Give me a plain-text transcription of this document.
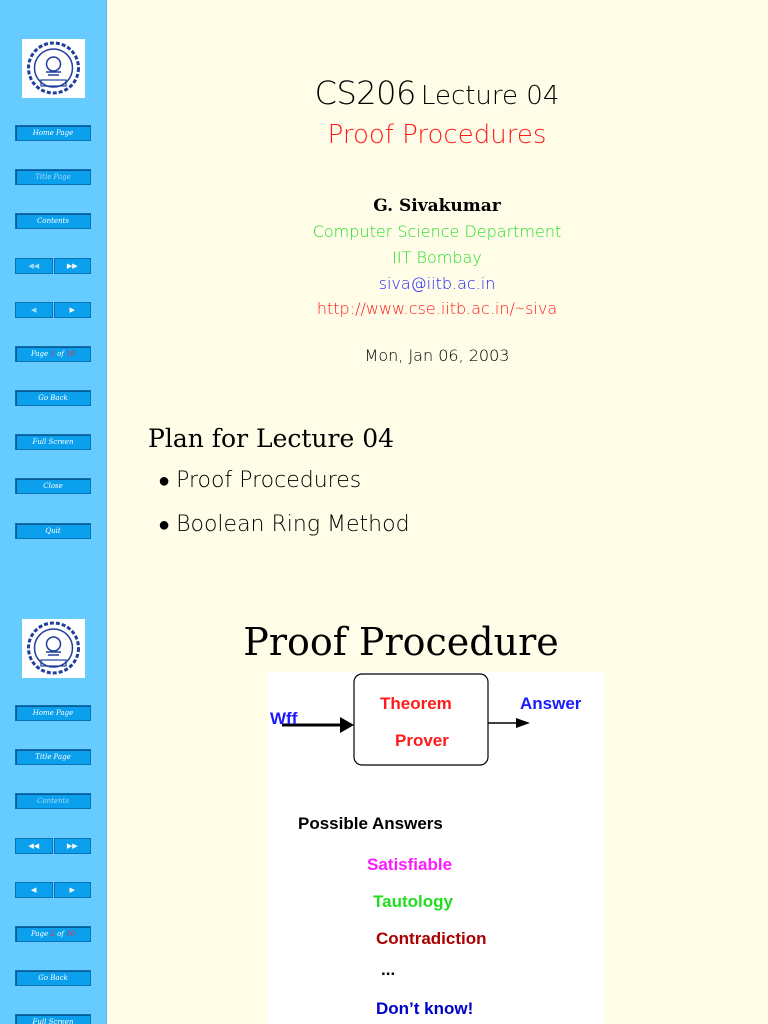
Home Page
Title Page
Contents
◀◀	▶▶
◀	▶
Page 1 of 10
Go Back
Full Screen
Close
Quit
CS206 Lecture 04
Proof Procedures
G. Sivakumar
Computer Science Department
IIT Bombay
siva@iitb.ac.in
http://www.cse.iitb.ac.in/∼siva
Mon, Jan 06, 2003
Plan for Lecture 04
● Proof Procedures
● Boolean Ring Method
Home Page
Title Page
Contents
◀◀	▶▶
◀	▶
Page 2 of 10
Go Back
Full Screen
Proof Procedure
Wff
Theorem
Prover
Answer
Possible Answers
Satisfiable
Tautology
Contradiction
...
Don’t know!
